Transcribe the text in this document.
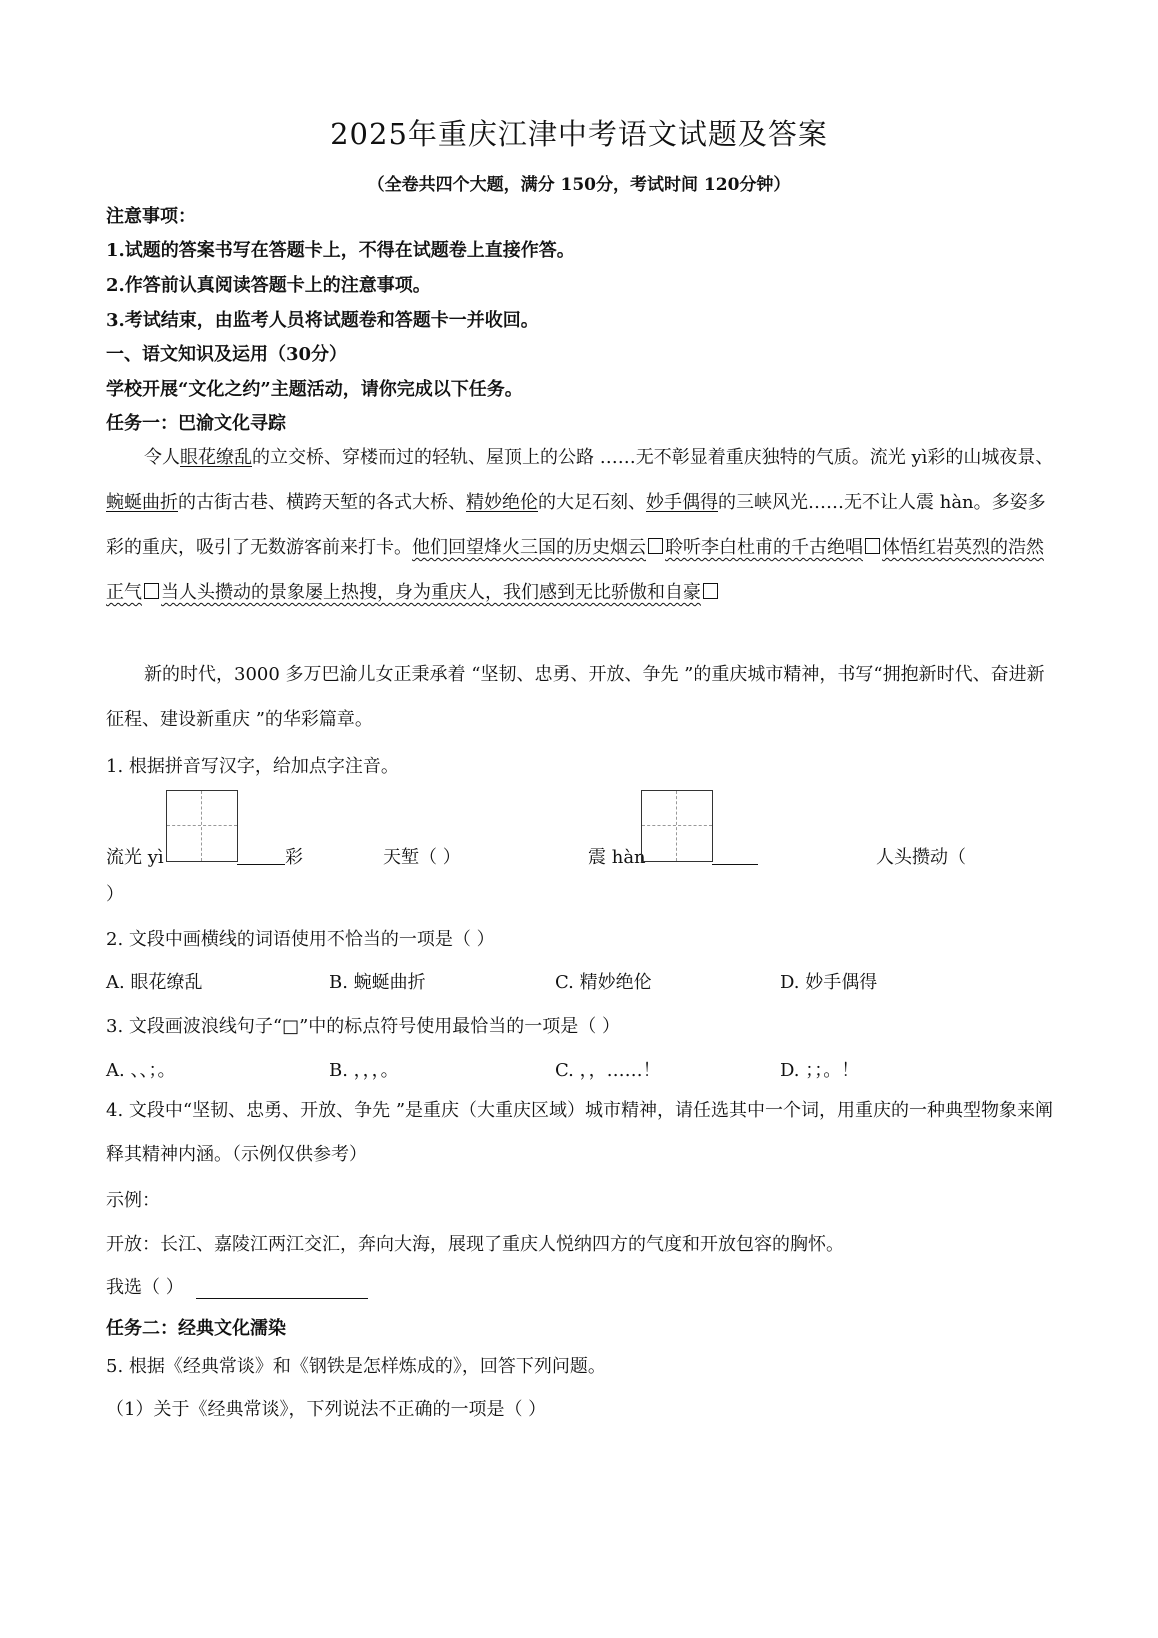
2025年重庆江津中考语文试题及答案
（全卷共四个大题，满分 150分，考试时间 120分钟）
注意事项：
1.试题的答案书写在答题卡上，不得在试题卷上直接作答。
2.作答前认真阅读答题卡上的注意事项。
3.考试结束，由监考人员将试题卷和答题卡一并收回。
一、语文知识及运用（30分）
学校开展“文化之约”主题活动，请你完成以下任务。
任务一：巴渝文化寻踪
令人眼花缭乱的立交桥、穿楼而过的轻轨、屋顶上的公路 ……无不彰显着重庆独特的气质。流光 yì彩的山城夜景、蜿蜒曲折的古街古巷、横跨天堑的各式大桥、精妙绝伦的大足石刻、妙手偶得的三峡风光……无不让人震 hàn。多姿多彩的重庆，吸引了无数游客前来打卡。他们回望烽火三国的历史烟云 聆听李白杜甫的千古绝唱 体悟红岩英烈的浩然正气 当人头攒动的景象屡上热搜，身为重庆人，我们感到无比骄傲和自豪
新的时代，3000 多万巴渝儿女正秉承着 “坚韧、忠勇、开放、争先 ”的重庆城市精神，书写“拥抱新时代、奋进新征程、建设新重庆 ”的华彩篇章。
1. 根据拼音写汉字，给加点字注音。
流光 yì
	彩	天堑（ ）	震 hàn
	人头攒动（
）
2. 文段中画横线的词语使用不恰当的一项是（ ）
A. 眼花缭乱	B. 蜿蜒曲折	C. 精妙绝伦	D. 妙手偶得
3. 文段画波浪线句子“□”中的标点符号使用最恰当的一项是（ ）
A. 、、；。	B. ，，，。	C. ，，……！	D. ；；。！
4. 文段中“坚韧、忠勇、开放、争先 ”是重庆（大重庆区域）城市精神，请任选其中一个词，用重庆的一种典型物象来阐释其精神内涵。（示例仅供参考）
示例：
开放：长江、嘉陵江两江交汇，奔向大海，展现了重庆人悦纳四方的气度和开放包容的胸怀。
我选（ ）
任务二：经典文化濡染
5. 根据《经典常谈》和《钢铁是怎样炼成的》，回答下列问题。
（1）关于《经典常谈》，下列说法不正确的一项是（ ）
